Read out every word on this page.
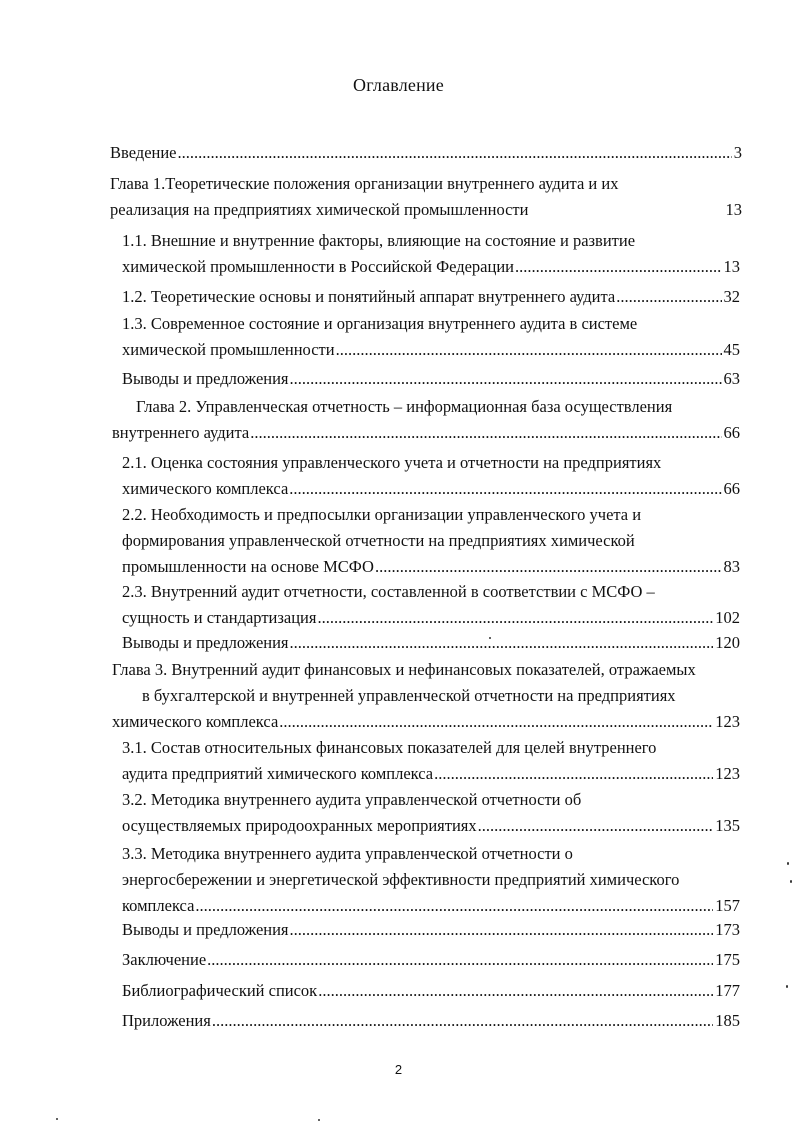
Оглавление
Введение .....	3
Глава 1.Теоретические положения организации внутреннего аудита и их
реализация на предприятиях химической промышленности	13
1.1. Внешние и внутренние факторы, влияющие на состояние и развитие
химической промышленности в Российской Федерации .....	13
1.2. Теоретические основы и понятийный аппарат внутреннего аудита .....	32
1.3. Современное состояние и организация внутреннего аудита в системе
химической промышленности .....	45
Выводы и предложения .....	63
Глава 2. Управленческая отчетность – информационная база осуществления
внутреннего аудита .....	66
2.1. Оценка состояния управленческого учета и отчетности на предприятиях
химического комплекса .....	66
2.2. Необходимость и предпосылки организации управленческого учета и
формирования управленческой отчетности на предприятиях химической
промышленности на основе МСФО .....	83
2.3. Внутренний аудит отчетности, составленной в соответствии с МСФО –
сущность и стандартизация .....	102
Выводы и предложения .....	120
Глава 3. Внутренний аудит финансовых и нефинансовых показателей, отражаемых
в бухгалтерской и внутренней управленческой отчетности на предприятиях
химического комплекса .....	123
3.1. Состав относительных финансовых показателей для целей внутреннего
аудита предприятий химического комплекса .....	123
3.2. Методика внутреннего аудита управленческой отчетности об
осуществляемых природоохранных мероприятиях .....	135
3.3. Методика внутреннего аудита управленческой отчетности о
энергосбережении и энергетической эффективности предприятий химического
комплекса .....	157
Выводы и предложения .....	173
Заключение .....	175
Библиографический список .....	177
Приложения .....	185
2
